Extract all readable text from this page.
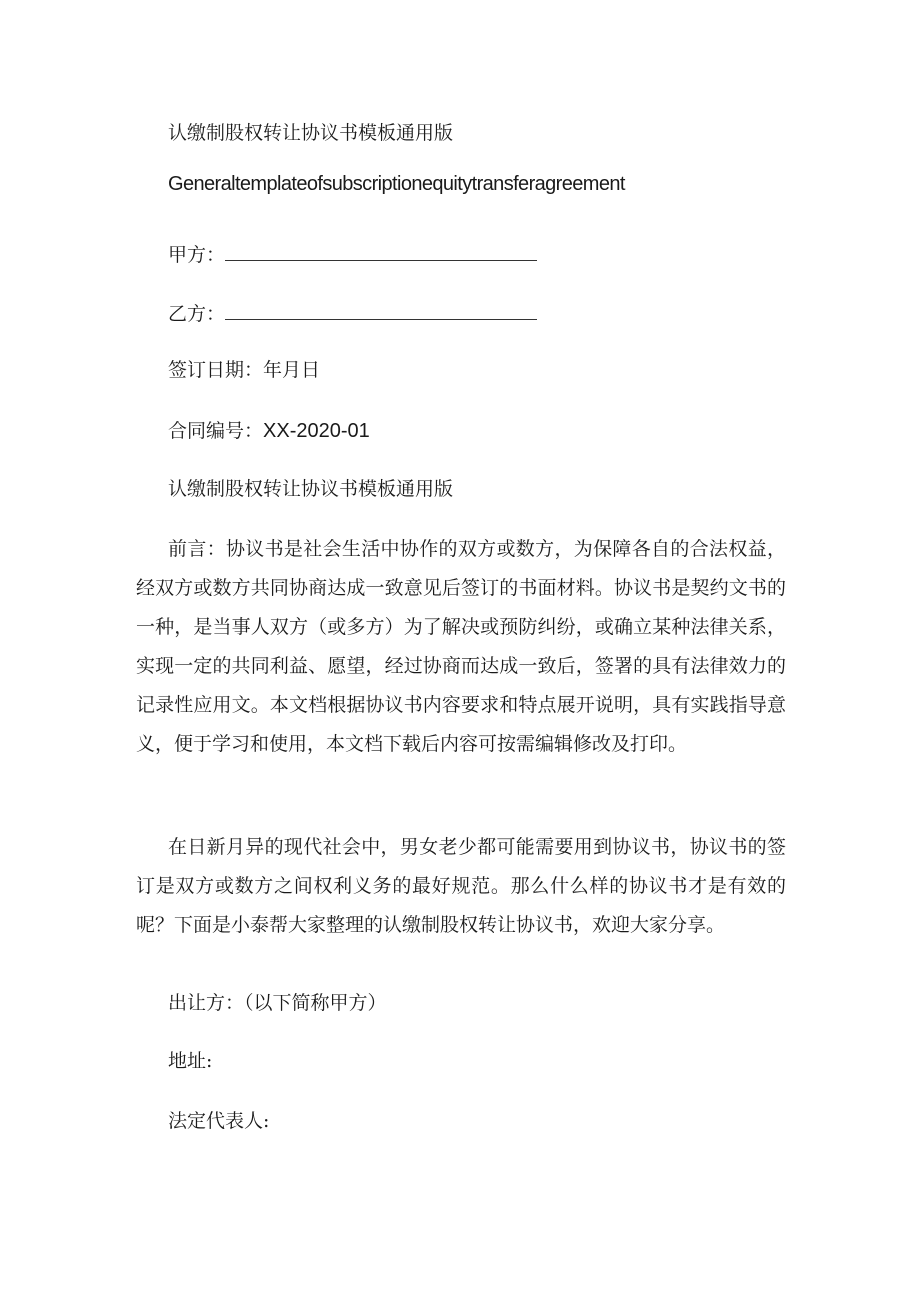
认缴制股权转让协议书模板通用版
Generaltemplateofsubscriptionequitytransferagreement
甲方：
乙方：
签订日期：年月日
合同编号：XX-2020-01
认缴制股权转让协议书模板通用版
前言：协议书是社会生活中协作的双方或数方，为保障各自的合法权益，经双方或数方共同协商达成一致意见后签订的书面材料。协议书是契约文书的一种，是当事人双方（或多方）为了解决或预防纠纷，或确立某种法律关系，实现一定的共同利益、愿望，经过协商而达成一致后，签署的具有法律效力的记录性应用文。本文档根据协议书内容要求和特点展开说明，具有实践指导意义，便于学习和使用，本文档下载后内容可按需编辑修改及打印。
在日新月异的现代社会中，男女老少都可能需要用到协议书，协议书的签订是双方或数方之间权利义务的最好规范。那么什么样的协议书才是有效的呢？下面是小泰帮大家整理的认缴制股权转让协议书，欢迎大家分享。
出让方：（以下简称甲方）
地址:
法定代表人:
